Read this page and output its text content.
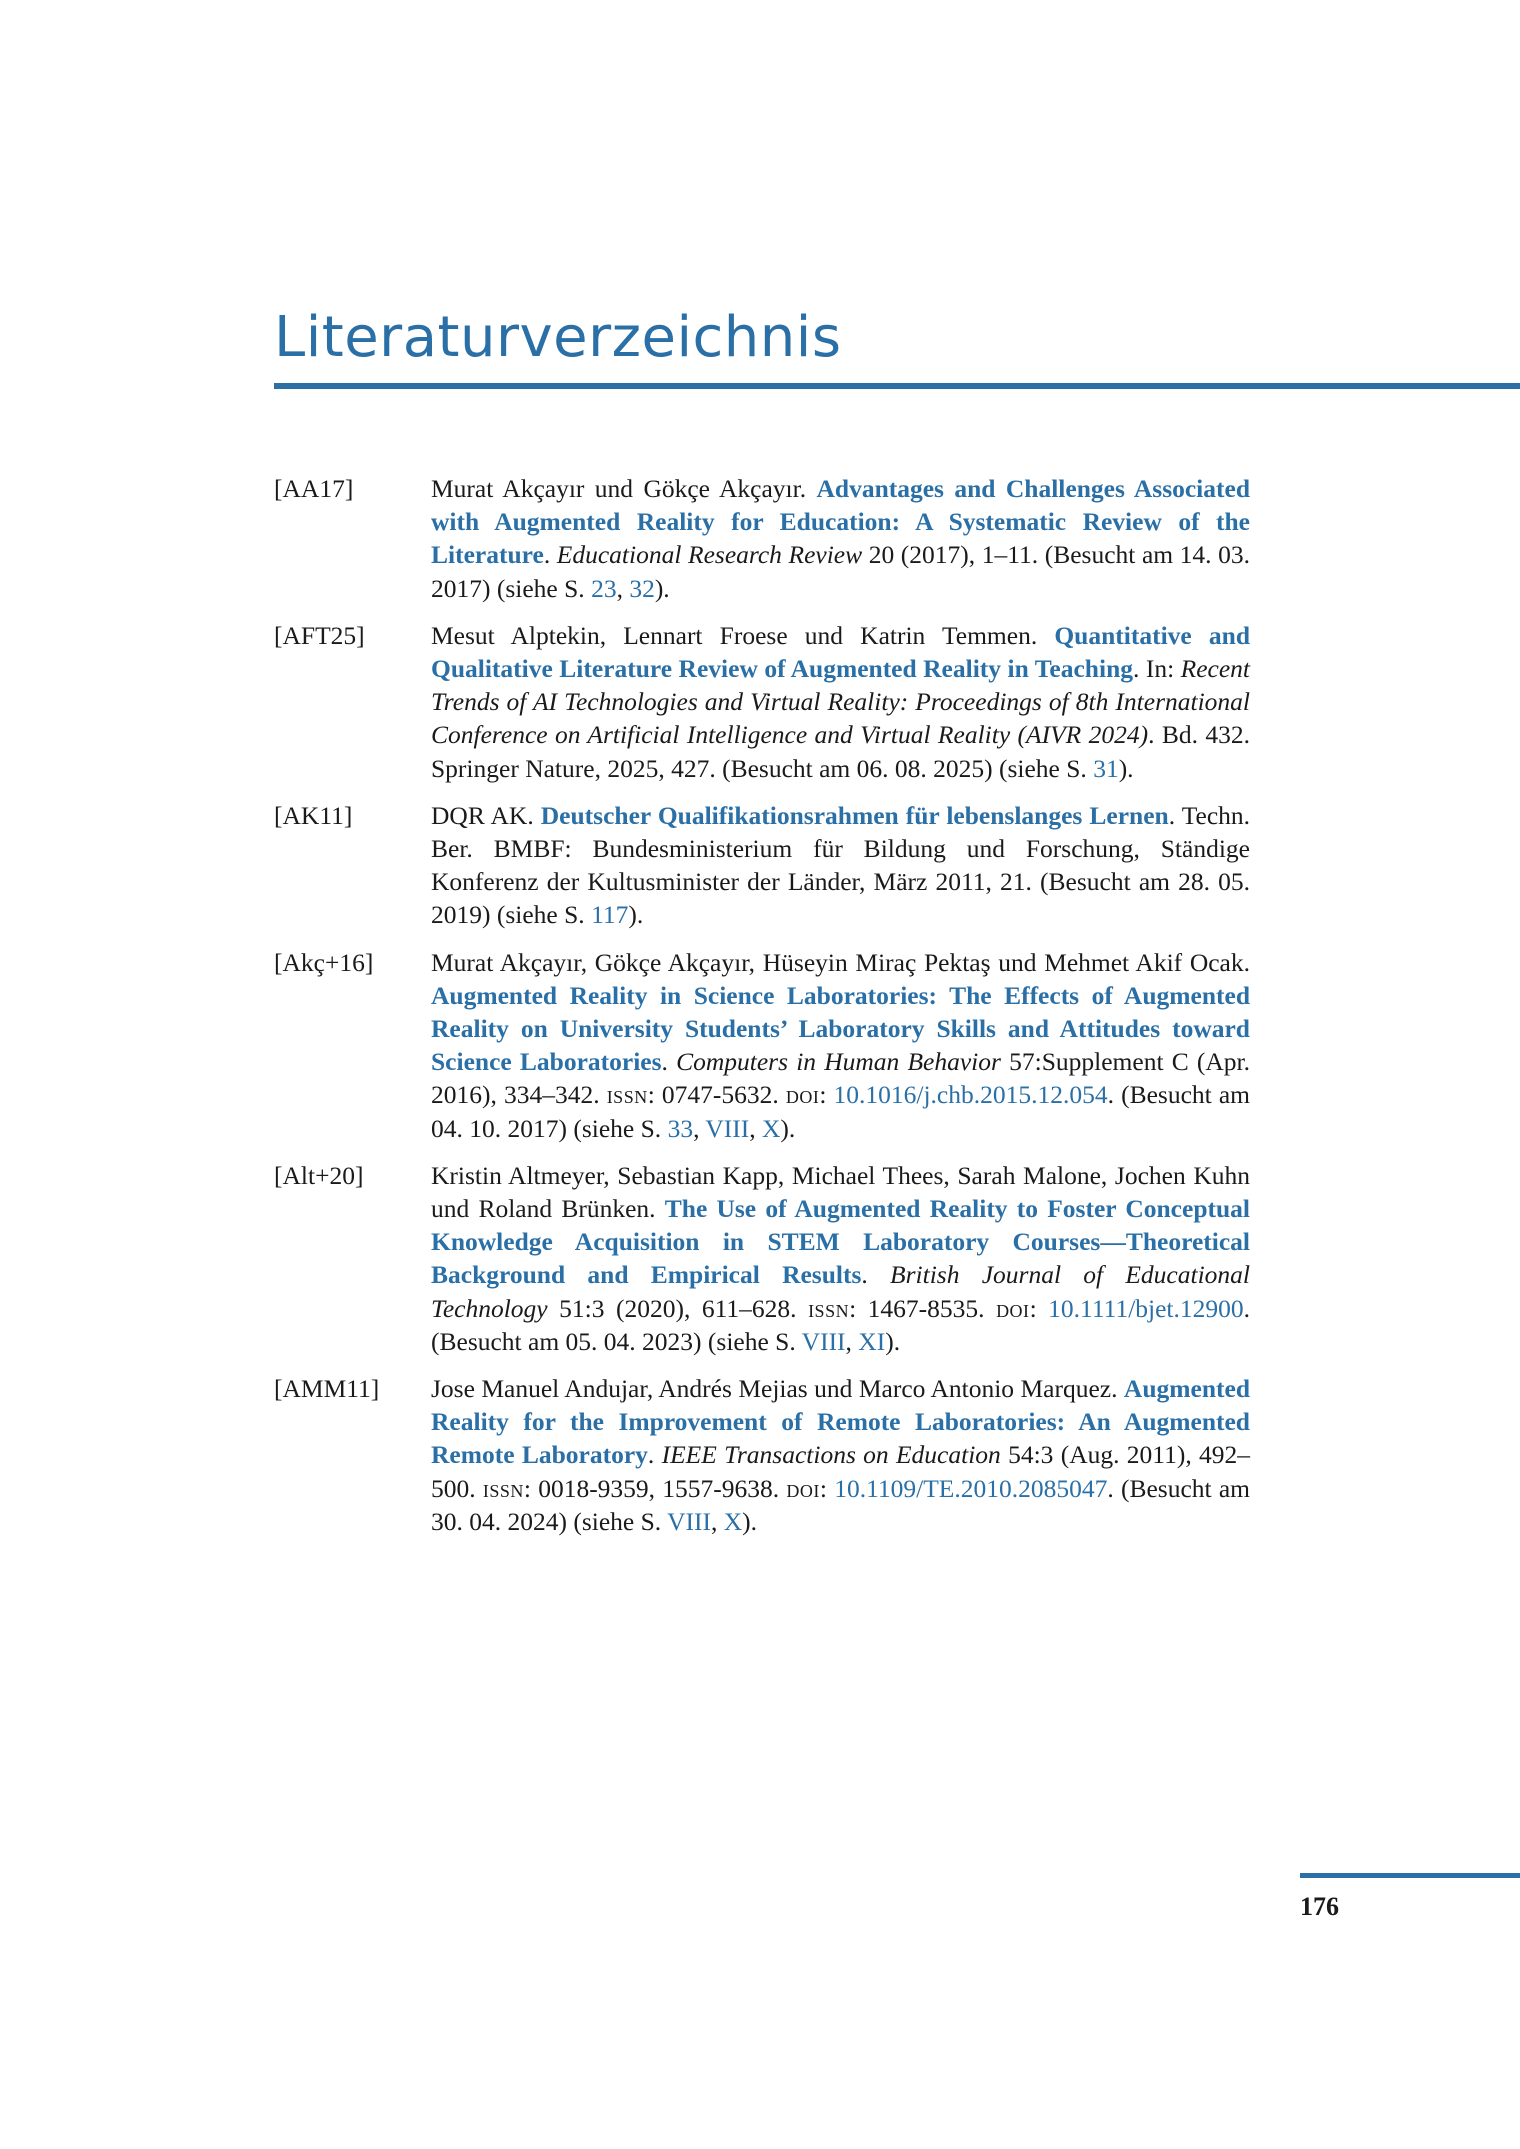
Literaturverzeichnis
[AA17]	Murat Akçayır und Gökçe Akçayır. Advantages and Challenges Associated with Augmented Reality for Education: A Systematic Review of the Literature. Educational Research Review 20 (2017), 1–11. (Besucht am 14. 03. 2017) (siehe S. 23, 32).
[AFT25]	Mesut Alptekin, Lennart Froese und Katrin Temmen. Quantitative and Qualitative Literature Review of Augmented Reality in Teaching. In: Recent Trends of AI Technologies and Virtual Reality: Proceedings of 8th International Conference on Artificial Intelligence and Virtual Reality (AIVR 2024). Bd. 432. Springer Nature, 2025, 427. (Besucht am 06. 08. 2025) (siehe S. 31).
[AK11]	DQR AK. Deutscher Qualifikationsrahmen für lebenslanges Lernen. Techn. Ber. BMBF: Bundesministerium für Bildung und Forschung, Ständige Konferenz der Kultusminister der Länder, März 2011, 21. (Besucht am 28. 05. 2019) (siehe S. 117).
[Akç+16]	Murat Akçayır, Gökçe Akçayır, Hüseyin Miraç Pektaş und Mehmet Akif Ocak. Augmented Reality in Science Laboratories: The Effects of Augmented Reality on University Students’ Laboratory Skills and Attitudes toward Science Laboratories. Computers in Human Behavior 57:Supplement C (Apr. 2016), 334–342. issn: 0747-5632. doi: 10.1016/j.chb​.2015.12.054. (Besucht am 04. 10. 2017) (siehe S. 33, VIII, X).
[Alt+20]	Kristin Altmeyer, Sebastian Kapp, Michael Thees, Sarah Malone, Jochen Kuhn und Roland Brünken. The Use of Augmented Reality to Foster Conceptual Knowledge Acquisition in STEM Laboratory Courses—Theoretical Background and Empirical Results. British Journal of Educational Technology 51:3 (2020), 611–628. issn: 1467-8535. doi: 10.1111​/bjet.12900. (Besucht am 05. 04. 2023) (siehe S. VIII, XI).
[AMM11]	Jose Manuel Andujar, Andrés Mejias und Marco Antonio Marquez. Augmented Reality for the Improvement of Remote Laboratories: An Augmented Remote Laboratory. IEEE Transactions on Education 54:3 (Aug. 2011), 492–500. issn: 0018-9359, 1557-9638. doi: 10.1109/TE.2010.20​85047. (Besucht am 30. 04. 2024) (siehe S. VIII, X).
176
